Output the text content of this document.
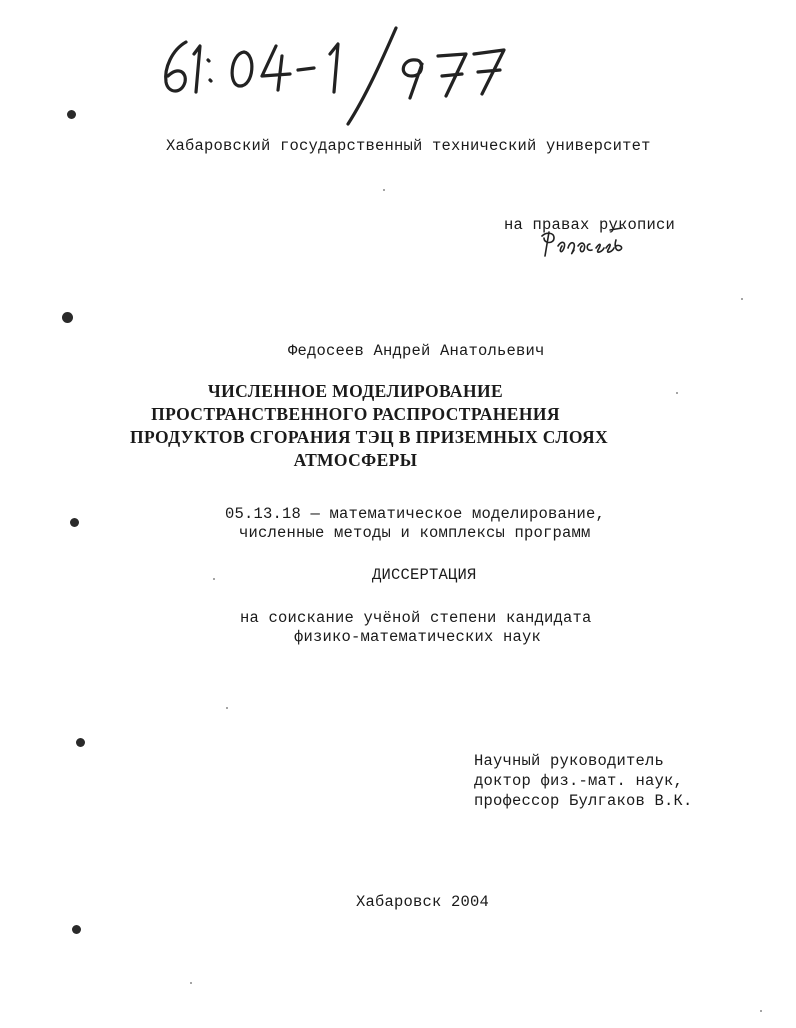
Хабаровский государственный технический университет
на правах рукописи
Федосеев Андрей Анатольевич
ЧИСЛЕННОЕ МОДЕЛИРОВАНИЕ
ПРОСТРАНСТВЕННОГО РАСПРОСТРАНЕНИЯ
ПРОДУКТОВ СГОРАНИЯ ТЭЦ В ПРИЗЕМНЫХ СЛОЯХ
АТМОСФЕРЫ
05.13.18 — математическое моделирование,
численные методы и комплексы программ
ДИССЕРТАЦИЯ
на соискание учёной степени кандидата
физико-математических наук
Научный руководитель
доктор физ.-мат. наук,
профессор Булгаков В.К.
Хабаровск 2004
